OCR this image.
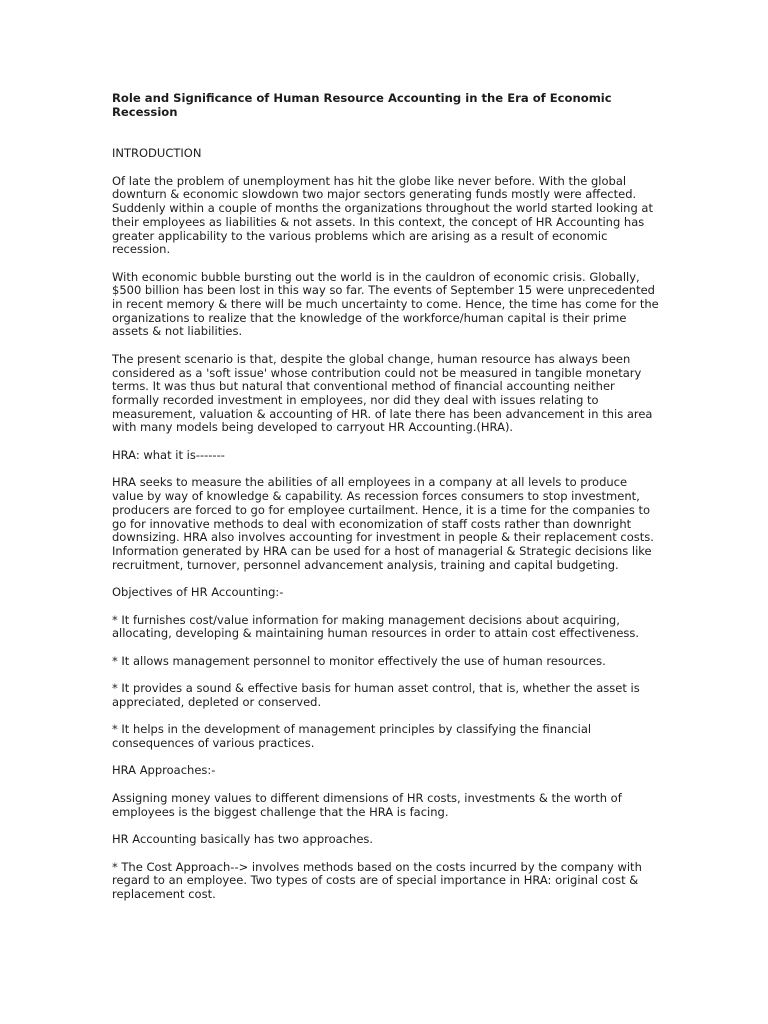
Role and Significance of Human Resource Accounting in the Era of Economic Recession
INTRODUCTION
Of late the problem of unemployment has hit the globe like never before. With the global downturn & economic slowdown two major sectors generating funds mostly were affected. Suddenly within a couple of months the organizations throughout the world started looking at their employees as liabilities & not assets. In this context, the concept of HR Accounting has greater applicability to the various problems which are arising as a result of economic recession.
With economic bubble bursting out the world is in the cauldron of economic crisis. Globally, $500 billion has been lost in this way so far. The events of September 15 were unprecedented in recent memory & there will be much uncertainty to come. Hence, the time has come for the organizations to realize that the knowledge of the workforce/human capital is their prime assets & not liabilities.
The present scenario is that, despite the global change, human resource has always been considered as a 'soft issue' whose contribution could not be measured in tangible monetary terms. It was thus but natural that conventional method of financial accounting neither formally recorded investment in employees, nor did they deal with issues relating to measurement, valuation & accounting of HR. of late there has been advancement in this area with many models being developed to carryout HR Accounting.(HRA).
HRA: what it is-------
HRA seeks to measure the abilities of all employees in a company at all levels to produce value by way of knowledge & capability. As recession forces consumers to stop investment, producers are forced to go for employee curtailment. Hence, it is a time for the companies to go for innovative methods to deal with economization of staff costs rather than downright downsizing. HRA also involves accounting for investment in people & their replacement costs. Information generated by HRA can be used for a host of managerial & Strategic decisions like recruitment, turnover, personnel advancement analysis, training and capital budgeting.
Objectives of HR Accounting:-
* It furnishes cost/value information for making management decisions about acquiring, allocating, developing & maintaining human resources in order to attain cost effectiveness.
* It allows management personnel to monitor effectively the use of human resources.
* It provides a sound & effective basis for human asset control, that is, whether the asset is appreciated, depleted or conserved.
* It helps in the development of management principles by classifying the financial consequences of various practices.
HRA Approaches:-
Assigning money values to different dimensions of HR costs, investments & the worth of employees is the biggest challenge that the HRA is facing.
HR Accounting basically has two approaches.
* The Cost Approach--> involves methods based on the costs incurred by the company with regard to an employee. Two types of costs are of special importance in HRA: original cost & replacement cost.
